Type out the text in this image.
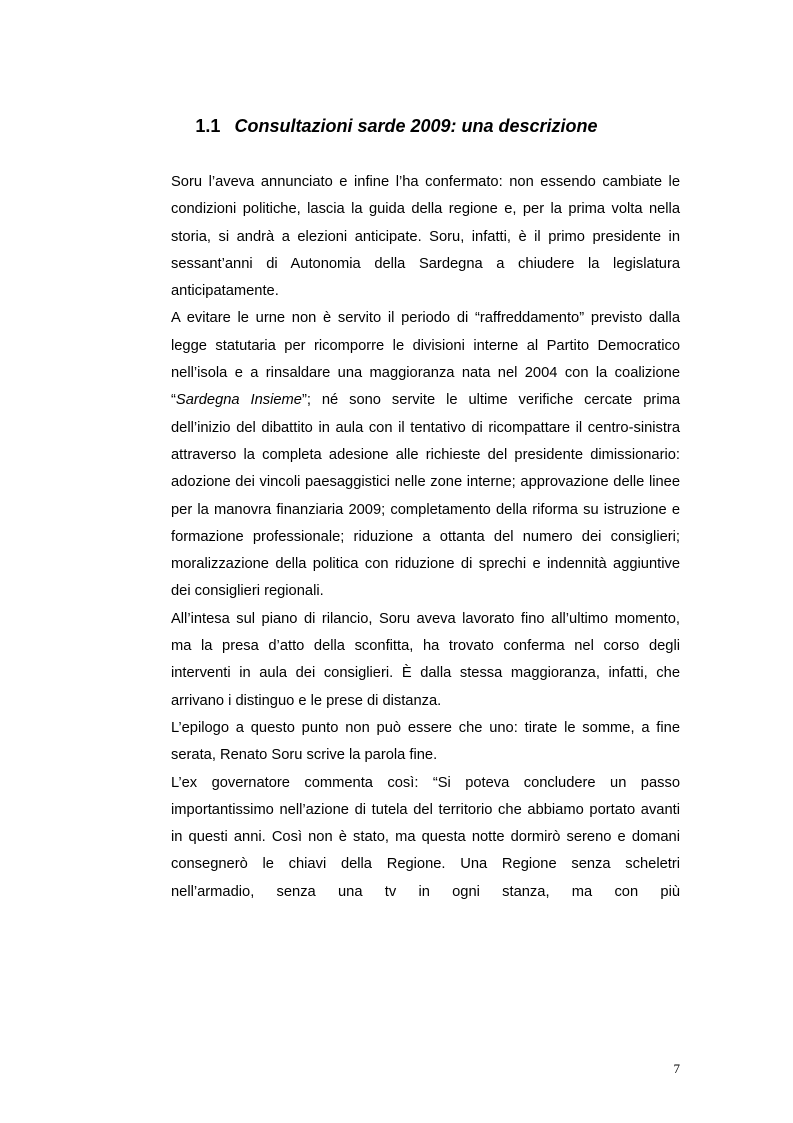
1.1 Consultazioni sarde 2009: una descrizione

Soru l’aveva annunciato e infine l’ha confermato: non essendo cambiate le condizioni politiche, lascia la guida della regione e, per la prima volta nella storia, si andrà a elezioni anticipate. Soru, infatti, è il primo presidente in sessant’anni di Autonomia della Sardegna a chiudere la legislatura anticipatamente.

A evitare le urne non è servito il periodo di “raffreddamento” previsto dalla legge statutaria per ricomporre le divisioni interne al Partito Democratico nell’isola e a rinsaldare una maggioranza nata nel 2004 con la coalizione “Sardegna Insieme”; né sono servite le ultime verifiche cercate prima dell’inizio del dibattito in aula con il tentativo di ricompattare il centro-sinistra attraverso la completa adesione alle richieste del presidente dimissionario: adozione dei vincoli paesaggistici nelle zone interne; approvazione delle linee per la manovra finanziaria 2009; completamento della riforma su istruzione e formazione professionale; riduzione a ottanta del numero dei consiglieri; moralizzazione della politica con riduzione di sprechi e indennità aggiuntive dei consiglieri regionali.

All’intesa sul piano di rilancio, Soru aveva lavorato fino all’ultimo momento, ma la presa d’atto della sconfitta, ha trovato conferma nel corso degli interventi in aula dei consiglieri. È dalla stessa maggioranza, infatti, che arrivano i distinguo e le prese di distanza.

L’epilogo a questo punto non può essere che uno: tirate le somme, a fine serata, Renato Soru scrive la parola fine.

L’ex governatore commenta così: “Si poteva concludere un passo importantissimo nell’azione di tutela del territorio che abbiamo portato avanti in questi anni. Così non è stato, ma questa notte dormirò sereno e domani consegnerò le chiavi della Regione. Una Regione senza scheletri nell’armadio, senza una tv in ogni stanza, ma con più

7
